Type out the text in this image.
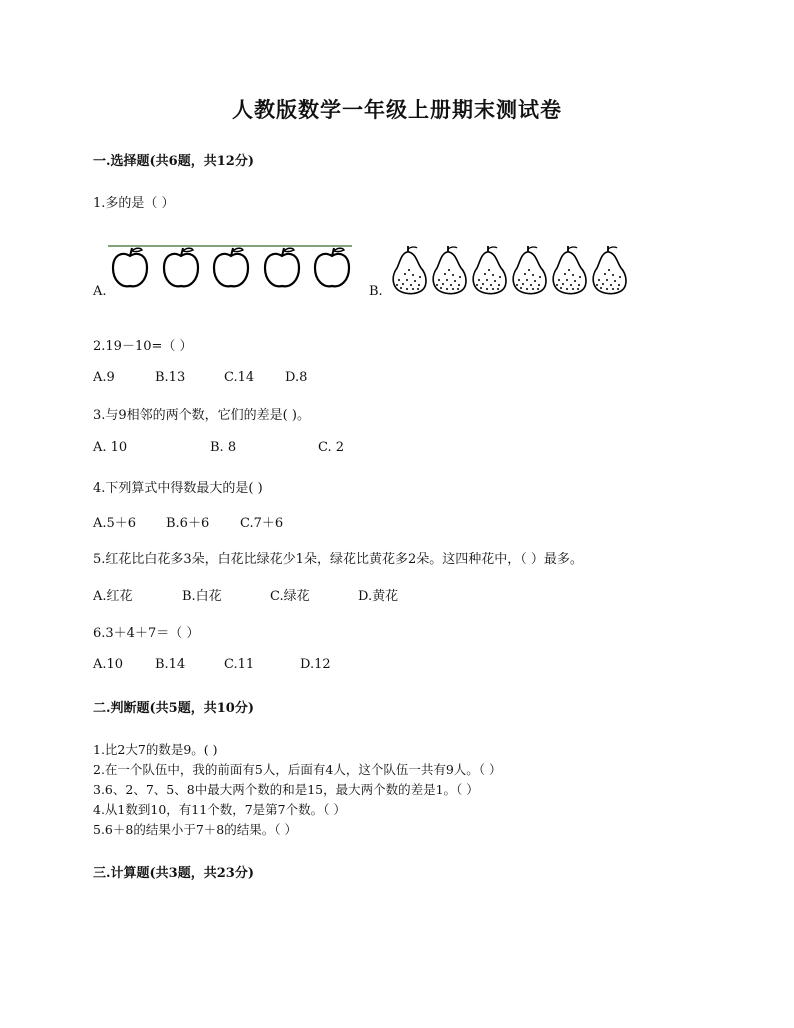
人教版数学一年级上册期末测试卷
一.选择题(共6题，共12分)
1.多的是（ ）
A.	B.
2.19－10=（ ）
A.9	B.13	C.14 D.8
3.与9相邻的两个数，它们的差是( )。
A. 10	B. 8	C. 2
4.下列算式中得数最大的是( )
A.5＋6 B.6＋6 C.7＋6
5.红花比白花多3朵，白花比绿花少1朵，绿花比黄花多2朵。这四种花中，（ ）最多。
A.红花	B.白花	C.绿花	D.黄花
6.3＋4＋7＝（ ）
A.10 B.14	C.11	D.12
二.判断题(共5题，共10分)
1.比2大7的数是9。( )
2.在一个队伍中，我的前面有5人，后面有4人，这个队伍一共有9人。（ ）
3.6、2、7、5、8中最大两个数的和是15，最大两个数的差是1。（ ）
4.从1数到10，有11个数，7是第7个数。（ ）
5.6＋8的结果小于7＋8的结果。（ ）
三.计算题(共3题，共23分)
